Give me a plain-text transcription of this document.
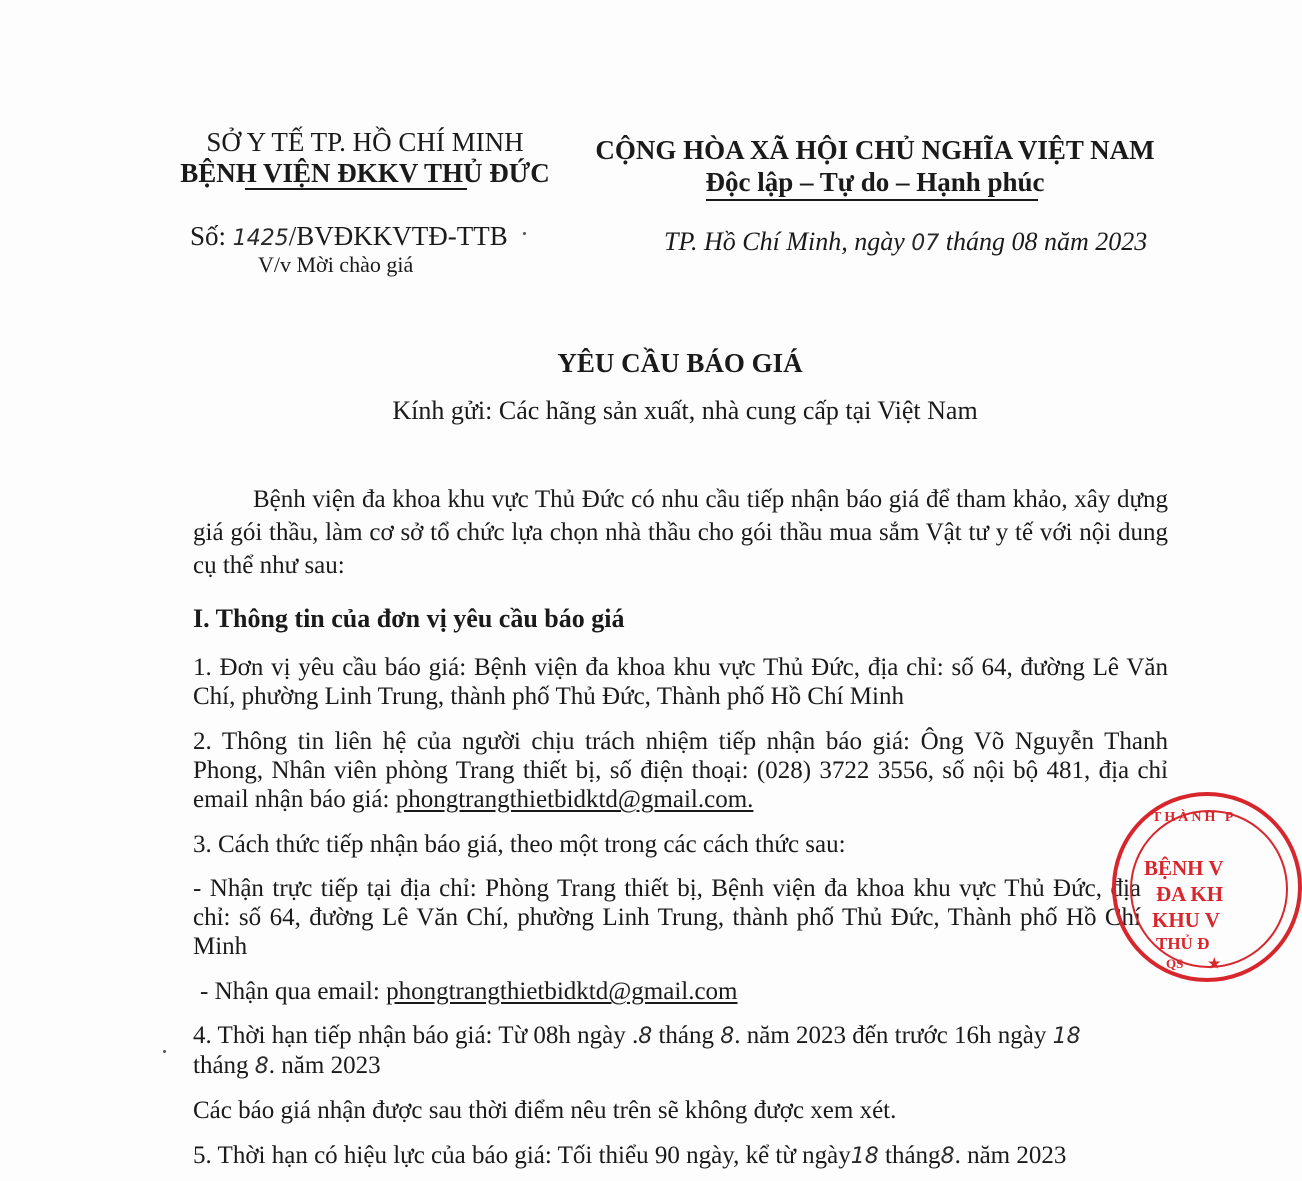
SỞ Y TẾ TP. HỒ CHÍ MINH
BỆNH VIỆN ĐKKV THỦ ĐỨC
CỘNG HÒA XÃ HỘI CHỦ NGHĨA VIỆT NAM
Độc lập – Tự do – Hạnh phúc
Số: 1425/BVĐKKVTĐ-TTB
V/v Mời chào giá
TP. Hồ Chí Minh, ngày 07 tháng 08 năm 2023
YÊU CẦU BÁO GIÁ
Kính gửi: Các hãng sản xuất, nhà cung cấp tại Việt Nam
Bệnh viện đa khoa khu vực Thủ Đức có nhu cầu tiếp nhận báo giá để tham khảo, xây dựng giá gói thầu, làm cơ sở tổ chức lựa chọn nhà thầu cho gói thầu mua sắm Vật tư y tế với nội dung cụ thể như sau:
I. Thông tin của đơn vị yêu cầu báo giá
1. Đơn vị yêu cầu báo giá: Bệnh viện đa khoa khu vực Thủ Đức, địa chỉ: số 64, đường Lê Văn Chí, phường Linh Trung, thành phố Thủ Đức, Thành phố Hồ Chí Minh
2. Thông tin liên hệ của người chịu trách nhiệm tiếp nhận báo giá: Ông Võ Nguyễn Thanh Phong, Nhân viên phòng Trang thiết bị, số điện thoại: (028) 3722 3556, số nội bộ 481, địa chỉ email nhận báo giá: phongtrangthietbidktd@gmail.com.
3. Cách thức tiếp nhận báo giá, theo một trong các cách thức sau:
- Nhận trực tiếp tại địa chỉ: Phòng Trang thiết bị, Bệnh viện đa khoa khu vực Thủ Đức, địa chỉ: số 64, đường Lê Văn Chí, phường Linh Trung, thành phố Thủ Đức, Thành phố Hồ Chí Minh
- Nhận qua email: phongtrangthietbidktd@gmail.com
4. Thời hạn tiếp nhận báo giá: Từ 08h ngày .8 tháng 8. năm 2023 đến trước 16h ngày 18
tháng 8. năm 2023
Các báo giá nhận được sau thời điểm nêu trên sẽ không được xem xét.
5. Thời hạn có hiệu lực của báo giá: Tối thiểu 90 ngày, kể từ ngày18 tháng8. năm 2023
THÀNH P
BỆNH V
ĐA KH
KHU V
THỦ Đ
QS ★
